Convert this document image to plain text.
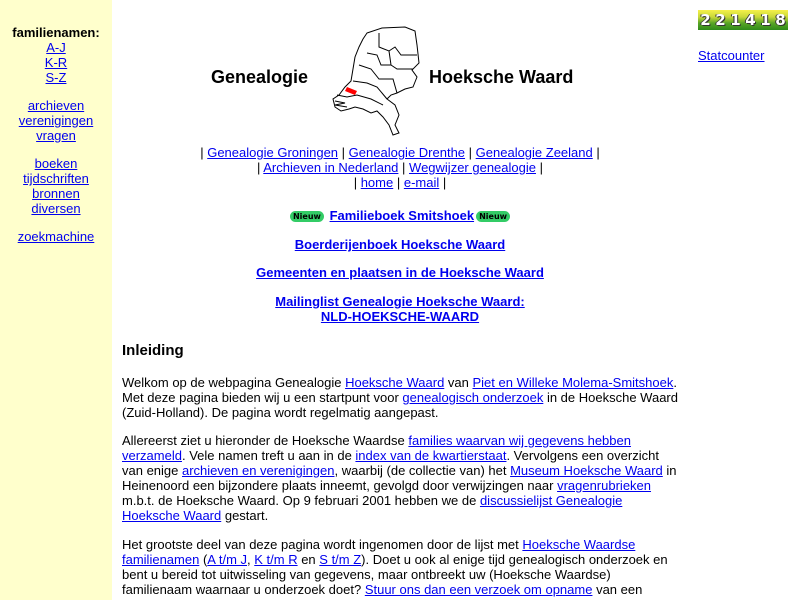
familienamen:
A-J
K-R
S-Z
archieven
verenigingen
vragen
boeken
tijdschriften
bronnen
diversen
zoekmachine
2 2 1 4 1 8
Statcounter
Genealogie	Hoeksche Waard
| Genealogie Groningen | Genealogie Drenthe | Genealogie Zeeland |
| Archieven in Nederland | Wegwijzer genealogie |
| home | e-mail |
Nieuw Familieboek Smitshoek Nieuw
Boerderijenboek Hoeksche Waard
Gemeenten en plaatsen in de Hoeksche Waard
Mailinglist Genealogie Hoeksche Waard:
NLD-HOEKSCHE-WAARD
Inleiding

Welkom op de webpagina Genealogie Hoeksche Waard van Piet en Willeke Molema-Smitshoek. Met deze pagina bieden wij u een startpunt voor genealogisch onderzoek in de Hoeksche Waard (Zuid-Holland). De pagina wordt regelmatig aangepast.

Allereerst ziet u hieronder de Hoeksche Waardse families waarvan wij gegevens hebben verzameld. Vele namen treft u aan in de index van de kwartierstaat. Vervolgens een overzicht van enige archieven en verenigingen, waarbij (de collectie van) het Museum Hoeksche Waard in Heinenoord een bijzondere plaats inneemt, gevolgd door verwijzingen naar vragenrubrieken m.b.t. de Hoeksche Waard. Op 9 februari 2001 hebben we de discussielijst Genealogie Hoeksche Waard gestart.

Het grootste deel van deze pagina wordt ingenomen door de lijst met Hoeksche Waardse familienamen (A t/m J, K t/m R en S t/m Z). Doet u ook al enige tijd genealogisch onderzoek en bent u bereid tot uitwisseling van gegevens, maar ontbreekt uw (Hoeksche Waardse) familienaam waarnaar u onderzoek doet? Stuur ons dan een verzoek om opname van een
